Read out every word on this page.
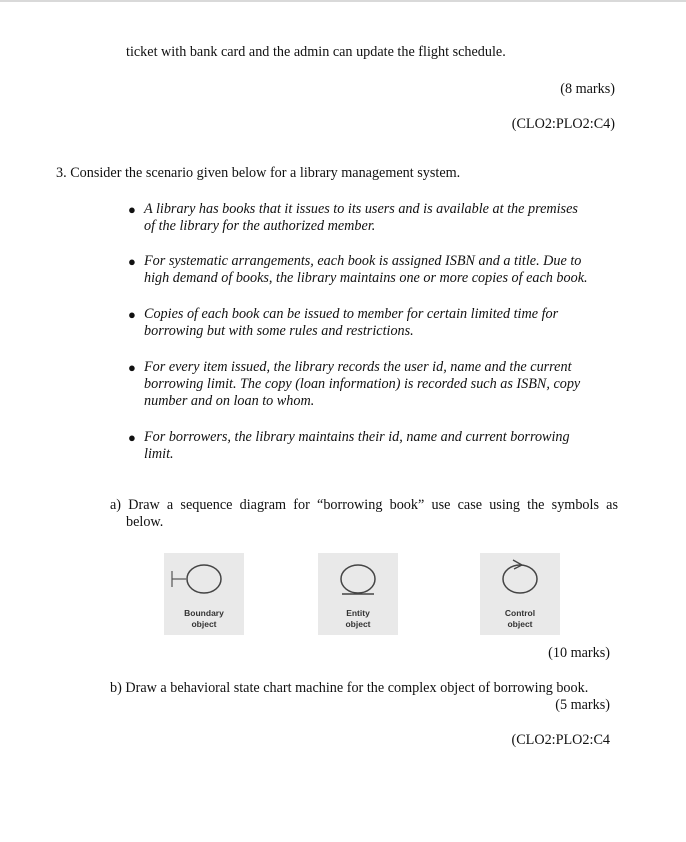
ticket with bank card and the admin can update the flight schedule.
(8 marks)
(CLO2:PLO2:C4)
3. Consider the scenario given below for a library management system.
● A library has books that it issues to its users and is available at the premises
of the library for the authorized member.
● For systematic arrangements, each book is assigned ISBN and a title. Due to
high demand of books, the library maintains one or more copies of each book.
● Copies of each book can be issued to member for certain limited time for
borrowing but with some rules and restrictions.
● For every item issued, the library records the user id, name and the current
borrowing limit. The copy (loan information) is recorded such as ISBN, copy
number and on loan to whom.
● For borrowers, the library maintains their id, name and current borrowing
limit.
a) Draw a sequence diagram for “borrowing book” use case using the symbols as
below.
Boundary
object
Entity
object
Control
object
(10 marks)
b) Draw a behavioral state chart machine for the complex object of borrowing book.
(5 marks)
(CLO2:PLO2:C4
